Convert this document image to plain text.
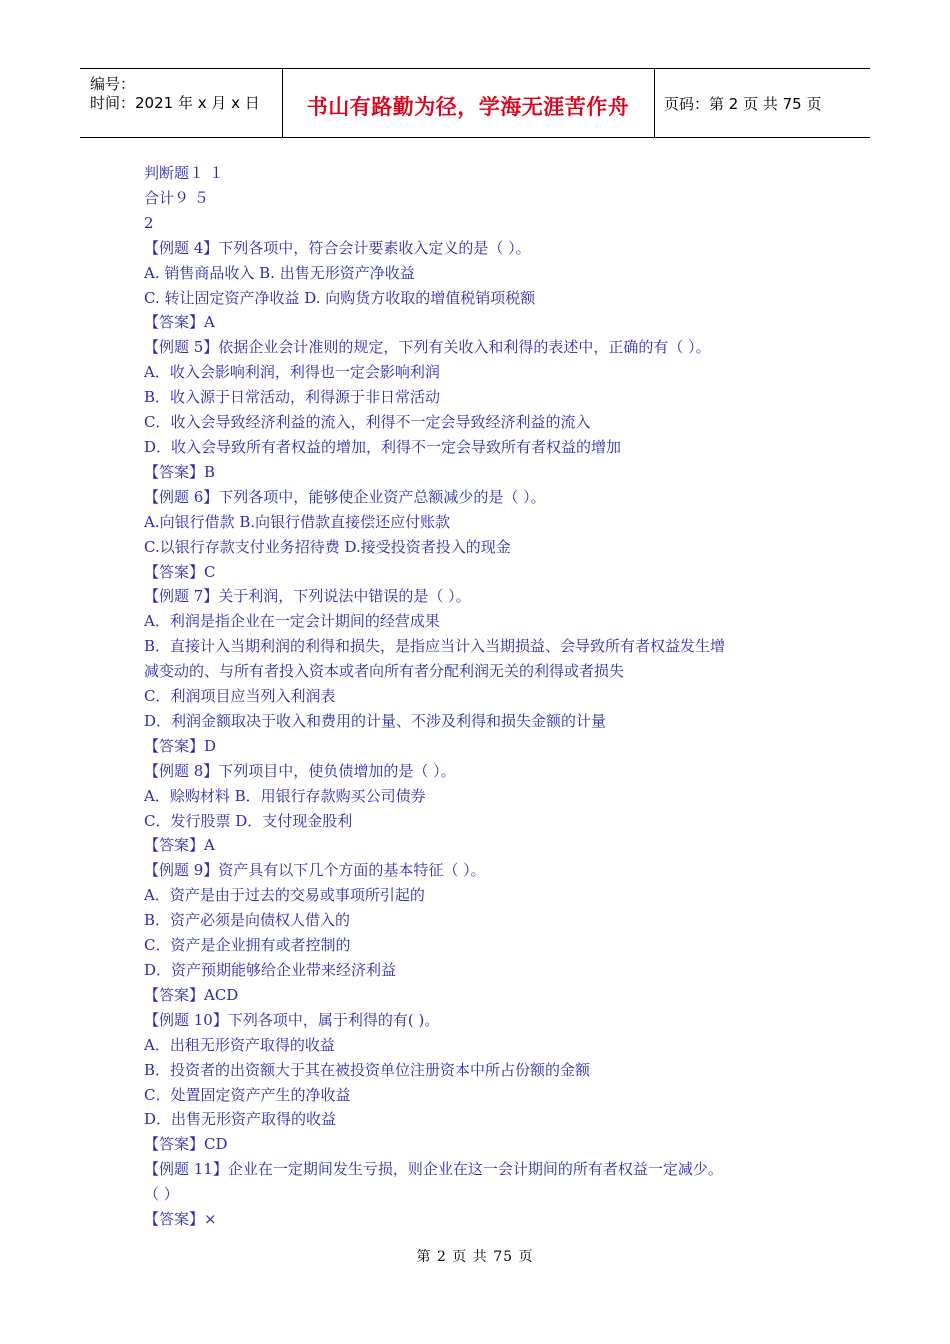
编号：
时间：2021 年 x 月 x 日	书山有路勤为径，学海无涯苦作舟	页码：第 2 页 共 75 页
判断题１ １
合计９ ５
2
【例题 4】下列各项中，符合会计要素收入定义的是（ ）。
A. 销售商品收入 B. 出售无形资产净收益
C. 转让固定资产净收益 D. 向购货方收取的增值税销项税额
【答案】A
【例题 5】依据企业会计准则的规定，下列有关收入和利得的表述中，正确的有（ ）。
A．收入会影响利润，利得也一定会影响利润
B．收入源于日常活动，利得源于非日常活动
C．收入会导致经济利益的流入，利得不一定会导致经济利益的流入
D．收入会导致所有者权益的增加，利得不一定会导致所有者权益的增加
【答案】B
【例题 6】下列各项中，能够使企业资产总额减少的是（ ）。
A.向银行借款 B.向银行借款直接偿还应付账款
C.以银行存款支付业务招待费 D.接受投资者投入的现金
【答案】C
【例题 7】关于利润，下列说法中错误的是（ ）。
A．利润是指企业在一定会计期间的经营成果
B．直接计入当期利润的利得和损失，是指应当计入当期损益、会导致所有者权益发生增
减变动的、与所有者投入资本或者向所有者分配利润无关的利得或者损失
C．利润项目应当列入利润表
D．利润金额取决于收入和费用的计量、不涉及利得和损失金额的计量
【答案】D
【例题 8】下列项目中，使负债增加的是（ ）。
A．赊购材料 B．用银行存款购买公司债券
C．发行股票 D．支付现金股利
【答案】A
【例题 9】资产具有以下几个方面的基本特征（ ）。
A．资产是由于过去的交易或事项所引起的
B．资产必须是向债权人借入的
C．资产是企业拥有或者控制的
D．资产预期能够给企业带来经济利益
【答案】ACD
【例题 10】下列各项中，属于利得的有( )。
A．出租无形资产取得的收益
B．投资者的出资额大于其在被投资单位注册资本中所占份额的金额
C．处置固定资产产生的净收益
D．出售无形资产取得的收益
【答案】CD
【例题 11】企业在一定期间发生亏损，则企业在这一会计期间的所有者权益一定减少。
（ ）
【答案】×
第 2 页 共 75 页
